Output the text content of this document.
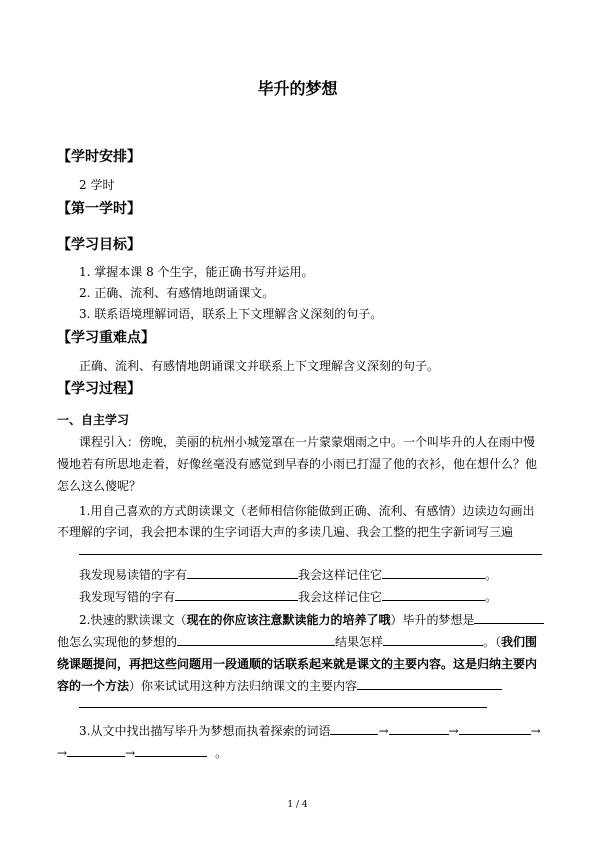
毕升的梦想
【学时安排】
2 学时
【第一学时】
【学习目标】
1. 掌握本课 8 个生字，能正确书写并运用。
2. 正确、流利、有感情地朗诵课文。
3. 联系语境理解词语，联系上下文理解含义深刻的句子。
【学习重难点】
正确、流利、有感情地朗诵课文并联系上下文理解含义深刻的句子。
【学习过程】
一、自主学习
课程引入：傍晚，美丽的杭州小城笼罩在一片蒙蒙烟雨之中。一个叫毕升的人在雨中慢
慢地若有所思地走着，好像丝毫没有感觉到早春的小雨已打湿了他的衣衫，他在想什么？他
怎么这么傻呢？
1.用自己喜欢的方式朗读课文（老师相信你能做到正确、流利、有感情）边读边勾画出
不理解的字词，我会把本课的生字词语大声的多读几遍、我会工整的把生字新词写三遍
我发现易读错的字有	我会这样记住它	。
我发现写错的字有	我会这样记住它	。
2.快速的默读课文（现在的你应该注意默读能力的培养了哦）毕升的梦想是
他怎么实现他的梦想的	结果怎样	。（我们围
绕课题提问，再把这些问题用一段通顺的话联系起来就是课文的主要内容。这是归纳主要内
容的一个方法）你来试试用这种方法归纳课文的主要内容
3.从文中找出描写毕升为梦想而执着探索的词语	→	→	→
→	→	。
1 / 4
